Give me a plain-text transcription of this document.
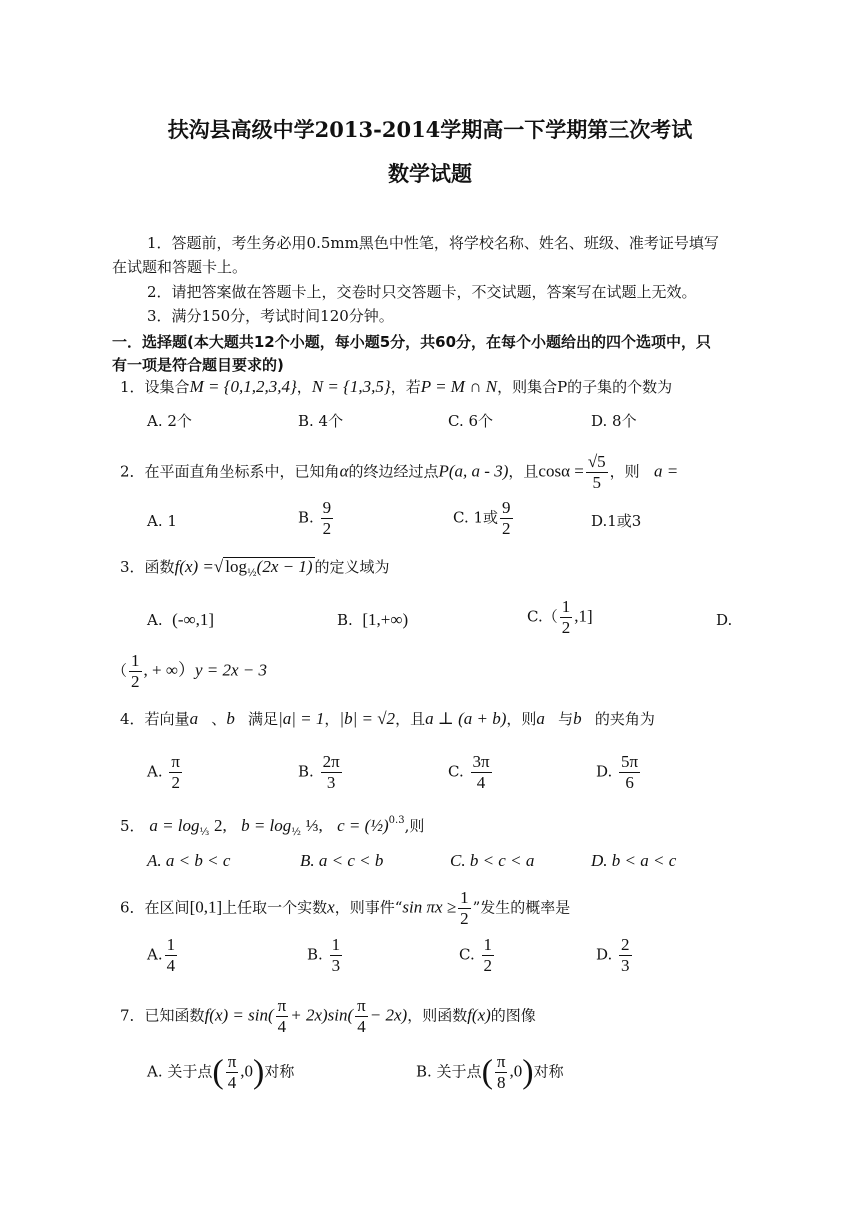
扶沟县高级中学2013-2014学期高一下学期第三次考试
数学试题
1．答题前，考生务必用0.5mm黑色中性笔，将学校名称、姓名、班级、准考证号填写
在试题和答题卡上。
2．请把答案做在答题卡上，交卷时只交答题卡，不交试题，答案写在试题上无效。
3．满分150分，考试时间120分钟。
一．选择题(本大题共12个小题，每小题5分，共60分，在每个小题给出的四个选项中，只
有一项是符合题目要求的)
1．设集合M = {0,1,2,3,4}，N = {1,3,5}，若P = M ∩ N，则集合P的子集的个数为
A. 2个	B. 4个	C. 6个	D. 8个
2．在平面直角坐标系中，已知角α的终边经过点P(a, a - 3)，且$\cos\alpha = \frac{√5}{5}$ ，则 a =
A. 1	B. $\frac{9}{2}$	C. 1或 $\frac{9}{2}$	D.1或3
3．函数f(x) =√ $\log_{\frac{1}{2}}(2x - 1)$ 的定义域为
A. (-∞,1]	B. [1,+∞)	$C.( \frac{1}{2} ,1]$	D.
（ $\frac{1}{2}$ , + ∞）y = 2x − 3
4．若向量a⃗、b⃗满足|a| = 1，|b| = √2，且a ⊥ (a + b)，则a⃗与b⃗的夹角为
A. $\frac{\pi}{2}$	B. $\frac{2\pi}{3}$	C. $\frac{3\pi}{4}$	D. $\frac{5\pi}{6}$
5． $a = \log_{\frac{1}{3}} 2$, $b = \log_{\frac{1}{2}}$ ⅓, c = (½)$^{0.3}$,则
A. a < b < c	B. a < c < b	C. b < c < a	D. b < a < c
6．在区间[0,1]上任取一个实数x，则事件“sin $\pi x \ge \frac{1}{2}$ ”发生的概率是
A. $\frac{1}{4}$	B. $\frac{1}{3}$	C. $\frac{1}{2}$	D. $\frac{2}{3}$
7．已知函数$f(x) = \sin( \frac{\pi}{4} + 2x)\sin( \frac{\pi}{4} - 2x)$，则函数f(x)的图像
A. 关于点( $\frac{\pi}{4} ,0$)对称	B. 关于点( $\frac{\pi}{8} ,0$)对称
